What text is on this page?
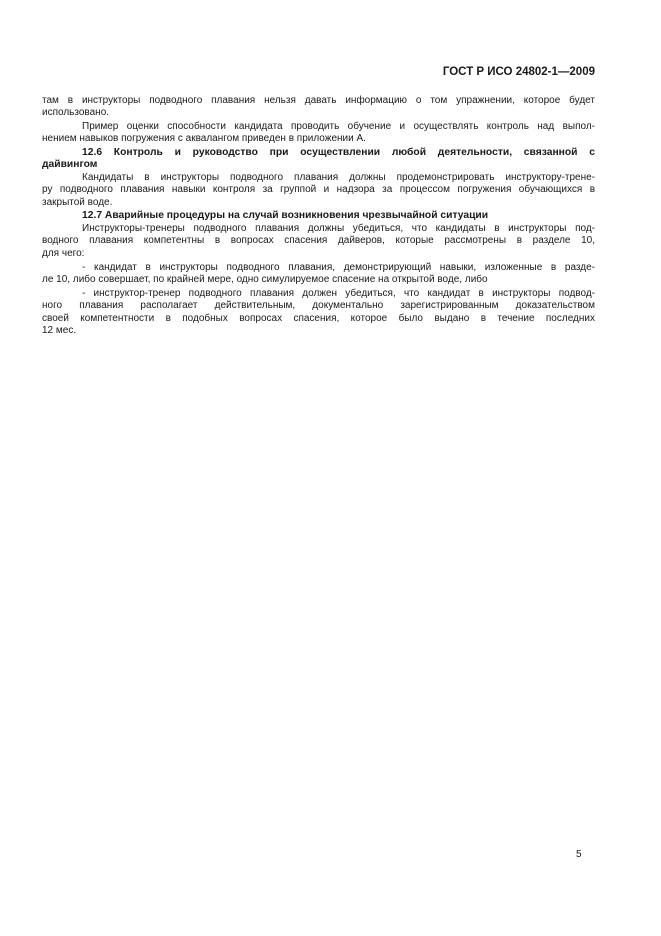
ГОСТ Р ИСО 24802-1—2009
там в инструкторы подводного плавания нельзя давать информацию о том упражнении, которое будет
использовано.
Пример оценки способности кандидата проводить обучение и осуществлять контроль над выпол-
нением навыков погружения с аквалангом приведен в приложении А.
12.6 Контроль и руководство при осуществлении любой деятельности, связанной с
дайвингом
Кандидаты в инструкторы подводного плавания должны продемонстрировать инструктору-трене-
ру подводного плавания навыки контроля за группой и надзора за процессом погружения обучающихся в
закрытой воде.
12.7 Аварийные процедуры на случай возникновения чрезвычайной ситуации
Инструкторы-тренеры подводного плавания должны убедиться, что кандидаты в инструкторы под-
водного плавания компетентны в вопросах спасения дайверов, которые рассмотрены в разделе 10,
для чего:
- кандидат в инструкторы подводного плавания, демонстрирующий навыки, изложенные в разде-
ле 10, либо совершает, по крайней мере, одно симулируемое спасение на открытой воде, либо
- инструктор-тренер подводного плавания должен убедиться, что кандидат в инструкторы подвод-
ного плавания располагает действительным, документально зарегистрированным доказательством
своей компетентности в подобных вопросах спасения, которое было выдано в течение последних
12 мес.
5
